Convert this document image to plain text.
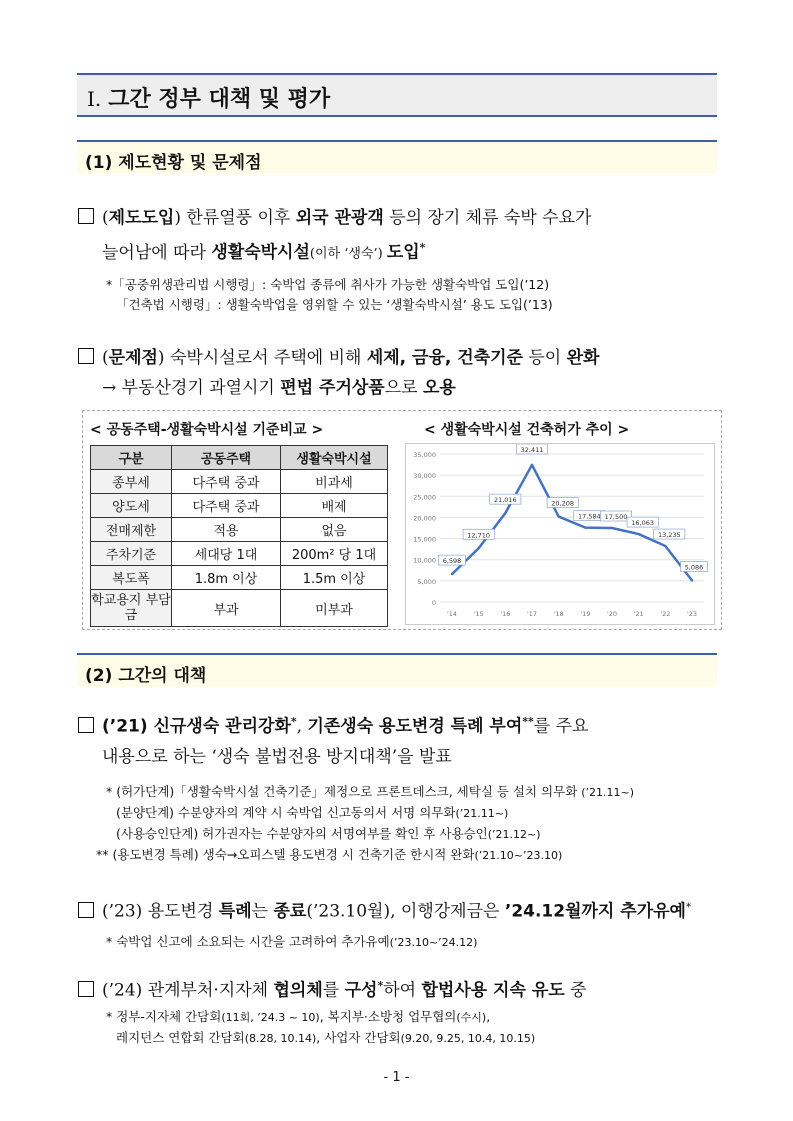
Ⅰ. 그간 정부 대책 및 평가
(1) 제도현황 및 문제점
(제도도입) 한류열풍 이후 외국 관광객 등의 장기 체류 숙박 수요가
늘어남에 따라 생활숙박시설(이하 ‘생숙’) 도입*
*「공중위생관리법 시행령」: 숙박업 종류에 취사가 가능한 생활숙박업 도입(’12)
「건축법 시행령」: 생활숙박업을 영위할 수 있는 ‘생활숙박시설’ 용도 도입(’13)
(문제점) 숙박시설로서 주택에 비해 세제, 금융, 건축기준 등이 완화
→ 부동산경기 과열시기 편법 주거상품으로 오용
< 공동주택-생활숙박시설 기준비교 >
구분	공동주택	생활숙박시설
종부세	다주택 중과	비과세
양도세	다주택 중과	배제
전매제한	적용	없음
주차기준	세대당 1대	200m² 당 1대
복도폭	1.8m 이상	1.5m 이상
학교용지 부담금	부과	미부과
< 생활숙박시설 건축허가 추이 >
0
5,000
10,000
15,000
20,000
25,000
30,000
35,000
'14	'15	'16	'17	'18	'19	'20	'21	'22	'23
6,598
12,710
21,016
32,411
20,208
17,584 17,500
16,063
13,235
5,086
(2) 그간의 대책
(’21) 신규생숙 관리강화*, 기존생숙 용도변경 특례 부여**를 주요
내용으로 하는 ‘생숙 불법전용 방지대책’을 발표
* (허가단계)「생활숙박시설 건축기준」제정으로 프론트데스크, 세탁실 등 설치 의무화 (’21.11~)
(분양단계) 수분양자의 계약 시 숙박업 신고동의서 서명 의무화(’21.11~)
(사용승인단계) 허가권자는 수분양자의 서명여부를 확인 후 사용승인(’21.12~)
** (용도변경 특례) 생숙→오피스텔 용도변경 시 건축기준 한시적 완화(’21.10~’23.10)
(’23) 용도변경 특례는 종료(’23.10월), 이행강제금은 ’24.12월까지 추가유예*
* 숙박업 신고에 소요되는 시간을 고려하여 추가유예(’23.10~’24.12)
(’24) 관계부처·지자체 협의체를 구성*하여 합법사용 지속 유도 중
* 정부-지자체 간담회(11회, ’24.3 ~ 10), 복지부·소방청 업무협의(수시),
레지던스 연합회 간담회(8.28, 10.14), 사업자 간담회(9.20, 9.25, 10.4, 10.15)
- 1 -
